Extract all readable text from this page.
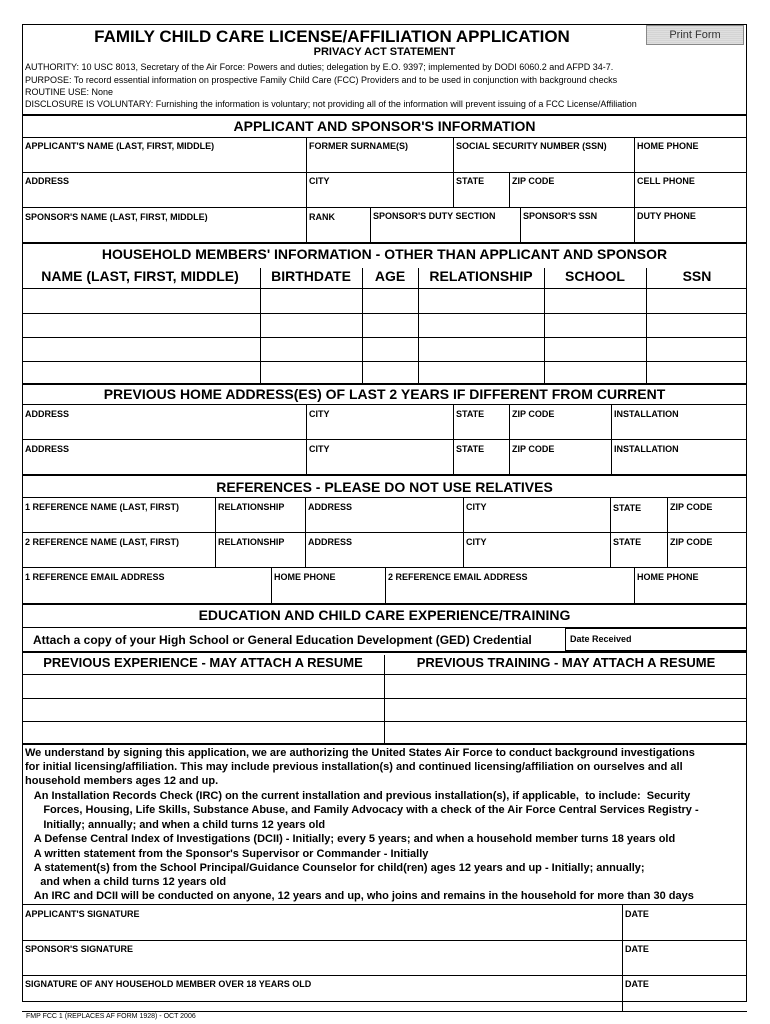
FAMILY CHILD CARE LICENSE/AFFILIATION APPLICATION	Print Form
PRIVACY ACT STATEMENT
AUTHORITY: 10 USC 8013, Secretary of the Air Force: Powers and duties; delegation by E.O. 9397; implemented by DODI 6060.2 and AFPD 34-7.
PURPOSE: To record essential information on prospective Family Child Care (FCC) Providers and to be used in conjunction with background checks
ROUTINE USE: None
DISCLOSURE IS VOLUNTARY: Furnishing the information is voluntary; not providing all of the information will prevent issuing of a FCC License/Affiliation
APPLICANT AND SPONSOR'S INFORMATION
APPLICANT'S NAME (LAST, FIRST, MIDDLE)	FORMER SURNAME(S)	SOCIAL SECURITY NUMBER (SSN)	HOME PHONE
ADDRESS	CITY	STATE	ZIP CODE	CELL PHONE
SPONSOR'S NAME (LAST, FIRST, MIDDLE)	RANK	SPONSOR'S DUTY SECTION	SPONSOR'S SSN	DUTY PHONE
HOUSEHOLD MEMBERS' INFORMATION - OTHER THAN APPLICANT AND SPONSOR
NAME (LAST, FIRST, MIDDLE)	BIRTHDATE	AGE	RELATIONSHIP	SCHOOL	SSN
PREVIOUS HOME ADDRESS(ES) OF LAST 2 YEARS IF DIFFERENT FROM CURRENT
ADDRESS	CITY	STATE	ZIP CODE	INSTALLATION
ADDRESS	CITY	STATE	ZIP CODE	INSTALLATION
REFERENCES - PLEASE DO NOT USE RELATIVES
1 REFERENCE NAME (LAST, FIRST)	RELATIONSHIP	ADDRESS	CITY	STATE	ZIP CODE
2 REFERENCE NAME (LAST, FIRST)	RELATIONSHIP	ADDRESS	CITY	STATE	ZIP CODE
1 REFERENCE EMAIL ADDRESS	HOME PHONE	2 REFERENCE EMAIL ADDRESS	HOME PHONE
EDUCATION AND CHILD CARE EXPERIENCE/TRAINING
Attach a copy of your High School or General Education Development (GED) Credential	Date Received
PREVIOUS EXPERIENCE - MAY ATTACH A RESUME	PREVIOUS TRAINING - MAY ATTACH A RESUME
We understand by signing this application, we are authorizing the United States Air Force to conduct background investigations
for initial licensing/affiliation. This may include previous installation(s) and continued licensing/affiliation on ourselves and all
household members ages 12 and up.
An Installation Records Check (IRC) on the current installation and previous installation(s), if applicable,  to include:  Security
Forces, Housing, Life Skills, Substance Abuse, and Family Advocacy with a check of the Air Force Central Services Registry -
Initially; annually; and when a child turns 12 years old
A Defense Central Index of Investigations (DCII) - Initially; every 5 years; and when a household member turns 18 years old
A written statement from the Sponsor's Supervisor or Commander - Initially
A statement(s) from the School Principal/Guidance Counselor for child(ren) ages 12 years and up - Initially; annually;
and when a child turns 12 years old
An IRC and DCII will be conducted on anyone, 12 years and up, who joins and remains in the household for more than 30 days
APPLICANT'S SIGNATURE	DATE
SPONSOR'S SIGNATURE	DATE
SIGNATURE OF ANY HOUSEHOLD MEMBER OVER 18 YEARS OLD	DATE
FMP FCC 1 (REPLACES AF FORM 1928) - OCT 2006
